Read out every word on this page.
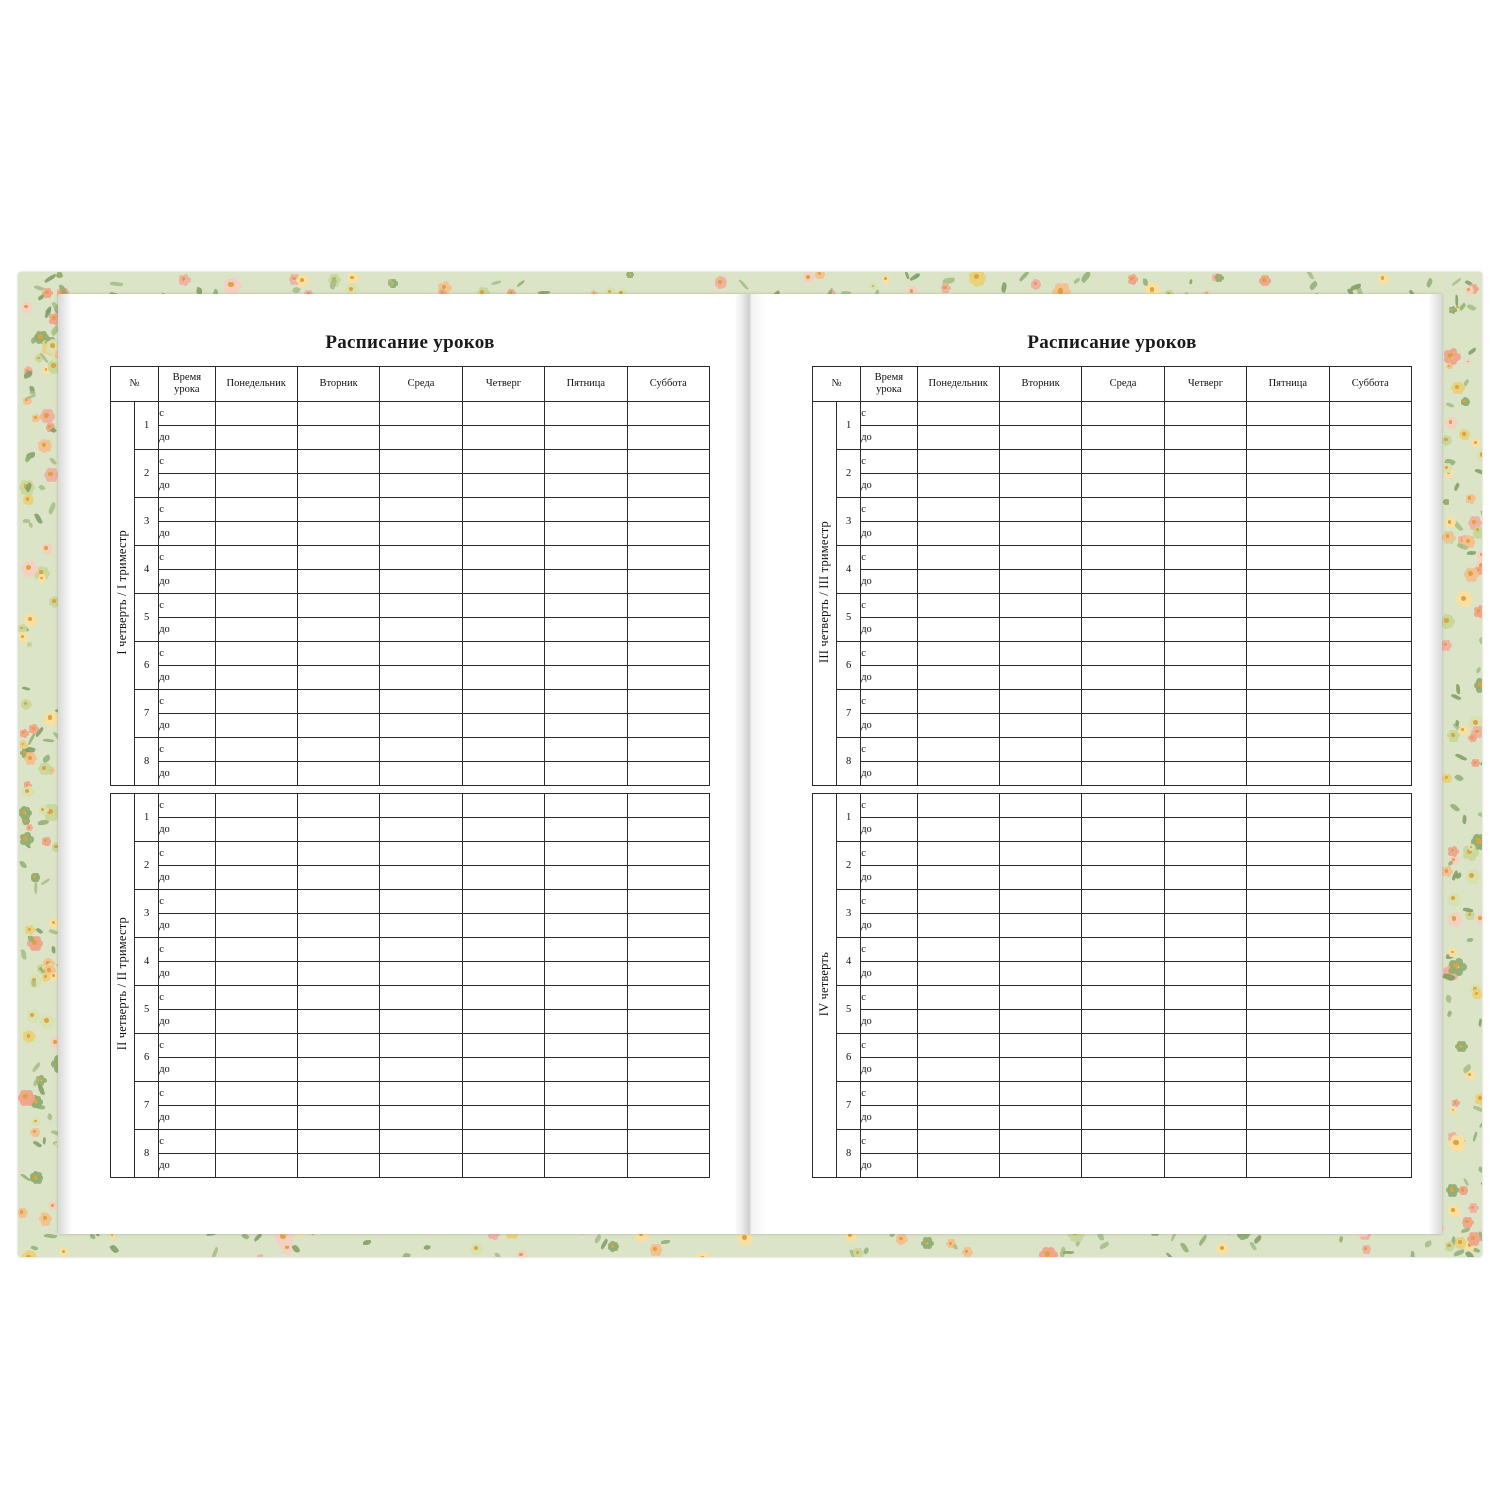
Расписание уроков
№		Время урока	Понедельник	Вторник	Среда	Четверг	Пятница	Суббота
I четверть / I триместр	1	с						
		до						
	2	с						
		до						
	3	с						
		до						
	4	с						
		до						
	5	с						
		до						
	6	с						
		до						
	7	с						
		до						
	8	с						
		до						

II четверть / II триместр	1	с						
		до						
	2	с						
		до						
	3	с						
		до						
	4	с						
		до						
	5	с						
		до						
	6	с						
		до						
	7	с						
		до						
	8	с						
		до						
Расписание уроков
№		Время урока	Понедельник	Вторник	Среда	Четверг	Пятница	Суббота
III четверть / III триместр	1	с						
		до						
	2	с						
		до						
	3	с						
		до						
	4	с						
		до						
	5	с						
		до						
	6	с						
		до						
	7	с						
		до						
	8	с						
		до						

IV четверть	1	с						
		до						
	2	с						
		до						
	3	с						
		до						
	4	с						
		до						
	5	с						
		до						
	6	с						
		до						
	7	с						
		до						
	8	с						
		до						
